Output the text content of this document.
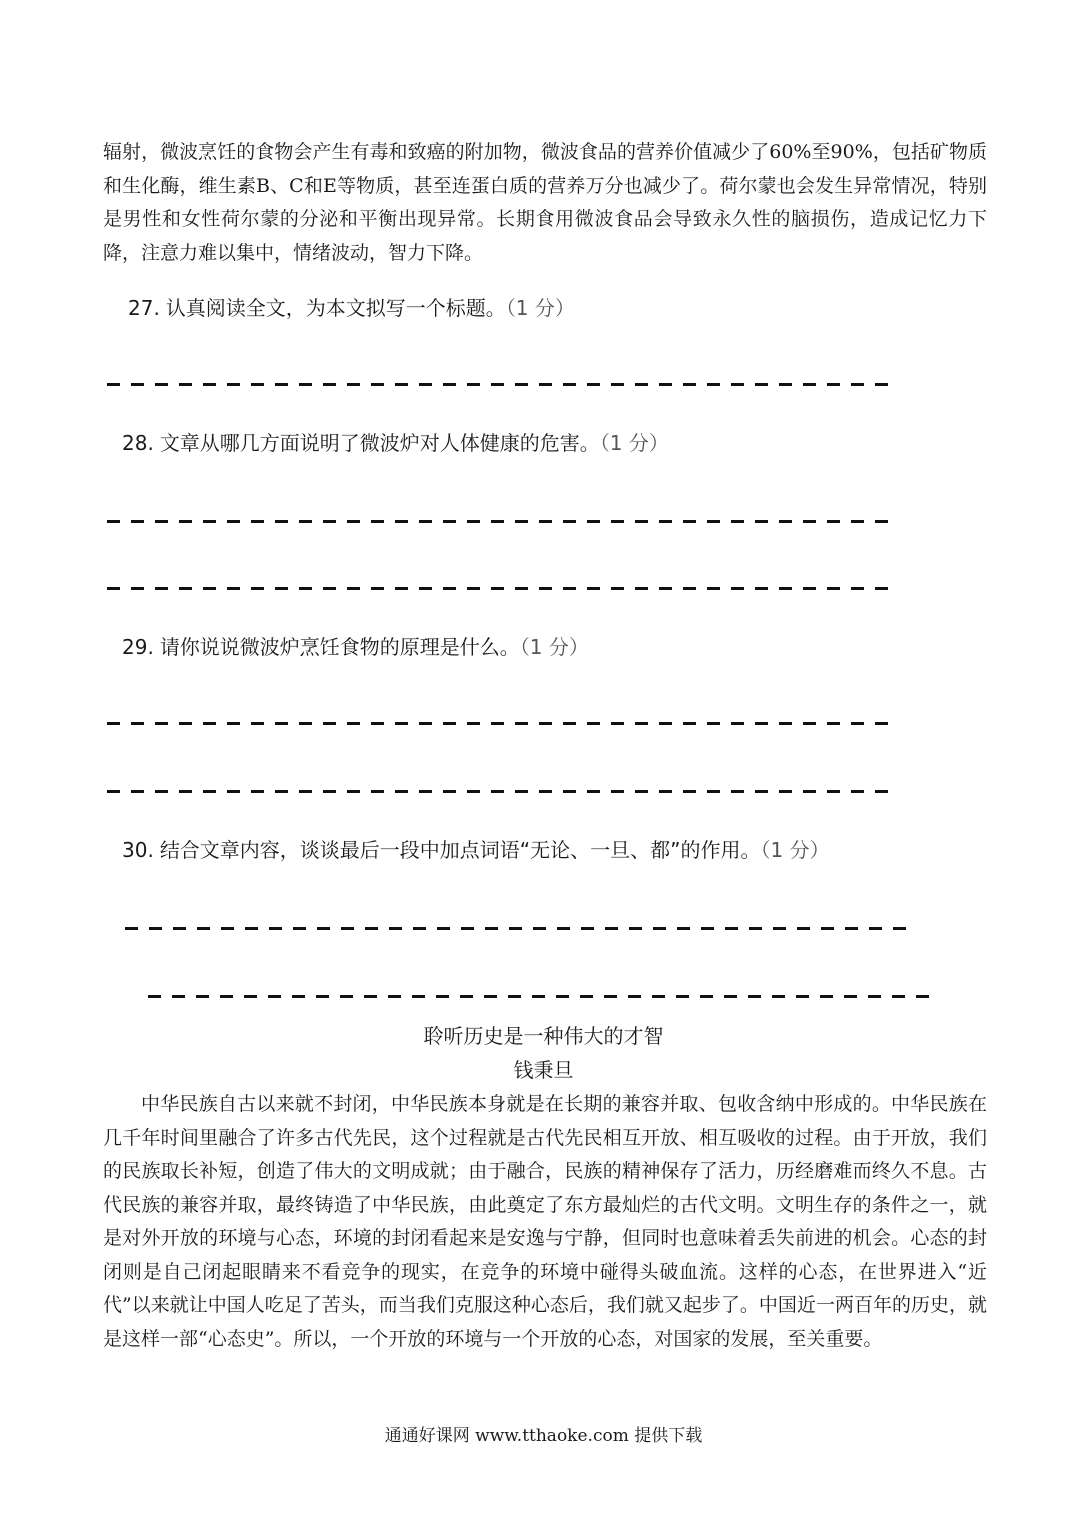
辐射，微波烹饪的食物会产生有毒和致癌的附加物，微波食品的营养价值减少了60%至90%，包括矿物质和生化酶，维生素B、C和E等物质，甚至连蛋白质的营养万分也减少了。荷尔蒙也会发生异常情况，特别是男性和女性荷尔蒙的分泌和平衡出现异常。长期食用微波食品会导致永久性的脑损伤，造成记忆力下降，注意力难以集中，情绪波动，智力下降。
27. 认真阅读全文，为本文拟写一个标题。（1 分）
28. 文章从哪几方面说明了微波炉对人体健康的危害。（1 分）
29. 请你说说微波炉烹饪食物的原理是什么。（1 分）
30. 结合文章内容，谈谈最后一段中加点词语“无论、一旦、都”的作用。（1 分）
聆听历史是一种伟大的才智
钱秉旦
中华民族自古以来就不封闭，中华民族本身就是在长期的兼容并取、包收含纳中形成的。中华民族在几千年时间里融合了许多古代先民，这个过程就是古代先民相互开放、相互吸收的过程。由于开放，我们的民族取长补短，创造了伟大的文明成就；由于融合，民族的精神保存了活力，历经磨难而终久不息。古代民族的兼容并取，最终铸造了中华民族，由此奠定了东方最灿烂的古代文明。文明生存的条件之一，就是对外开放的环境与心态，环境的封闭看起来是安逸与宁静，但同时也意味着丢失前进的机会。心态的封闭则是自己闭起眼睛来不看竞争的现实，在竞争的环境中碰得头破血流。这样的心态，在世界进入“近代”以来就让中国人吃足了苦头，而当我们克服这种心态后，我们就又起步了。中国近一两百年的历史，就是这样一部“心态史”。所以，一个开放的环境与一个开放的心态，对国家的发展，至关重要。
通通好课网 www.tthaoke.com 提供下载
